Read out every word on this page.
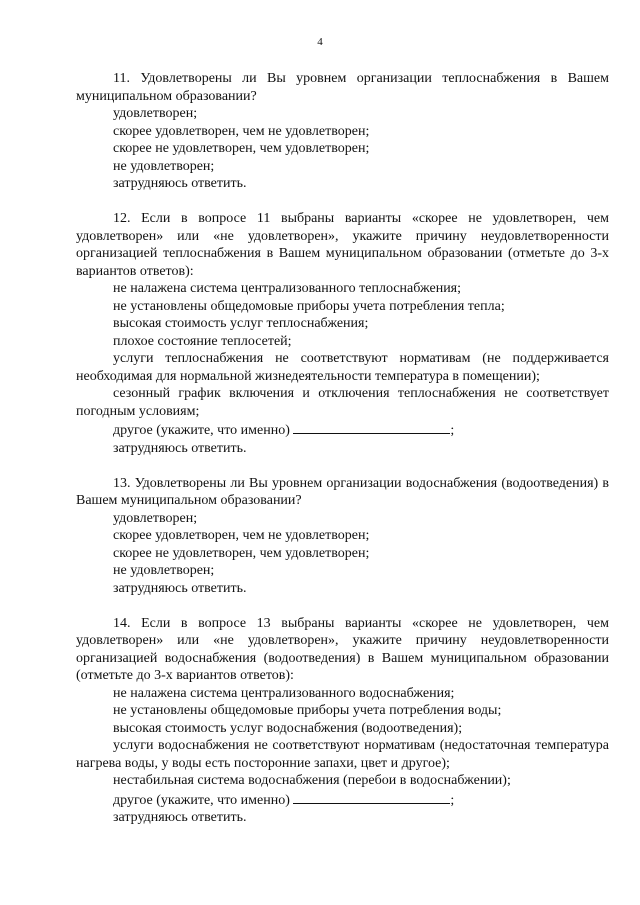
4

11. Удовлетворены ли Вы уровнем организации теплоснабжения в Вашем муниципальном образовании?

удовлетворен;

скорее удовлетворен, чем не удовлетворен;

скорее не удовлетворен, чем удовлетворен;

не удовлетворен;

затрудняюсь ответить.

12. Если в вопросе 11 выбраны варианты «скорее не удовлетворен, чем удовлетворен» или «не удовлетворен», укажите причину неудовлетворенности организацией теплоснабжения в Вашем муниципальном образовании (отметьте до 3-х вариантов ответов):

не налажена система централизованного теплоснабжения;

не установлены общедомовые приборы учета потребления тепла;

высокая стоимость услуг теплоснабжения;

плохое состояние теплосетей;

услуги теплоснабжения не соответствуют нормативам (не поддерживается необходимая для нормальной жизнедеятельности температура в помещении);

сезонный график включения и отключения теплоснабжения не соответствует погодным условиям;

другое (укажите, что именно)	;

затрудняюсь ответить.

13. Удовлетворены ли Вы уровнем организации водоснабжения (водоотведения) в Вашем муниципальном образовании?

удовлетворен;

скорее удовлетворен, чем не удовлетворен;

скорее не удовлетворен, чем удовлетворен;

не удовлетворен;

затрудняюсь ответить.

14. Если в вопросе 13 выбраны варианты «скорее не удовлетворен, чем удовлетворен» или «не удовлетворен», укажите причину неудовлетворенности организацией водоснабжения (водоотведения) в Вашем муниципальном образовании (отметьте до 3-х вариантов ответов):

не налажена система централизованного водоснабжения;

не установлены общедомовые приборы учета потребления воды;

высокая стоимость услуг водоснабжения (водоотведения);

услуги водоснабжения не соответствуют нормативам (недостаточная температура нагрева воды, у воды есть посторонние запахи, цвет и другое);

нестабильная система водоснабжения (перебои в водоснабжении);

другое (укажите, что именно)	;

затрудняюсь ответить.
